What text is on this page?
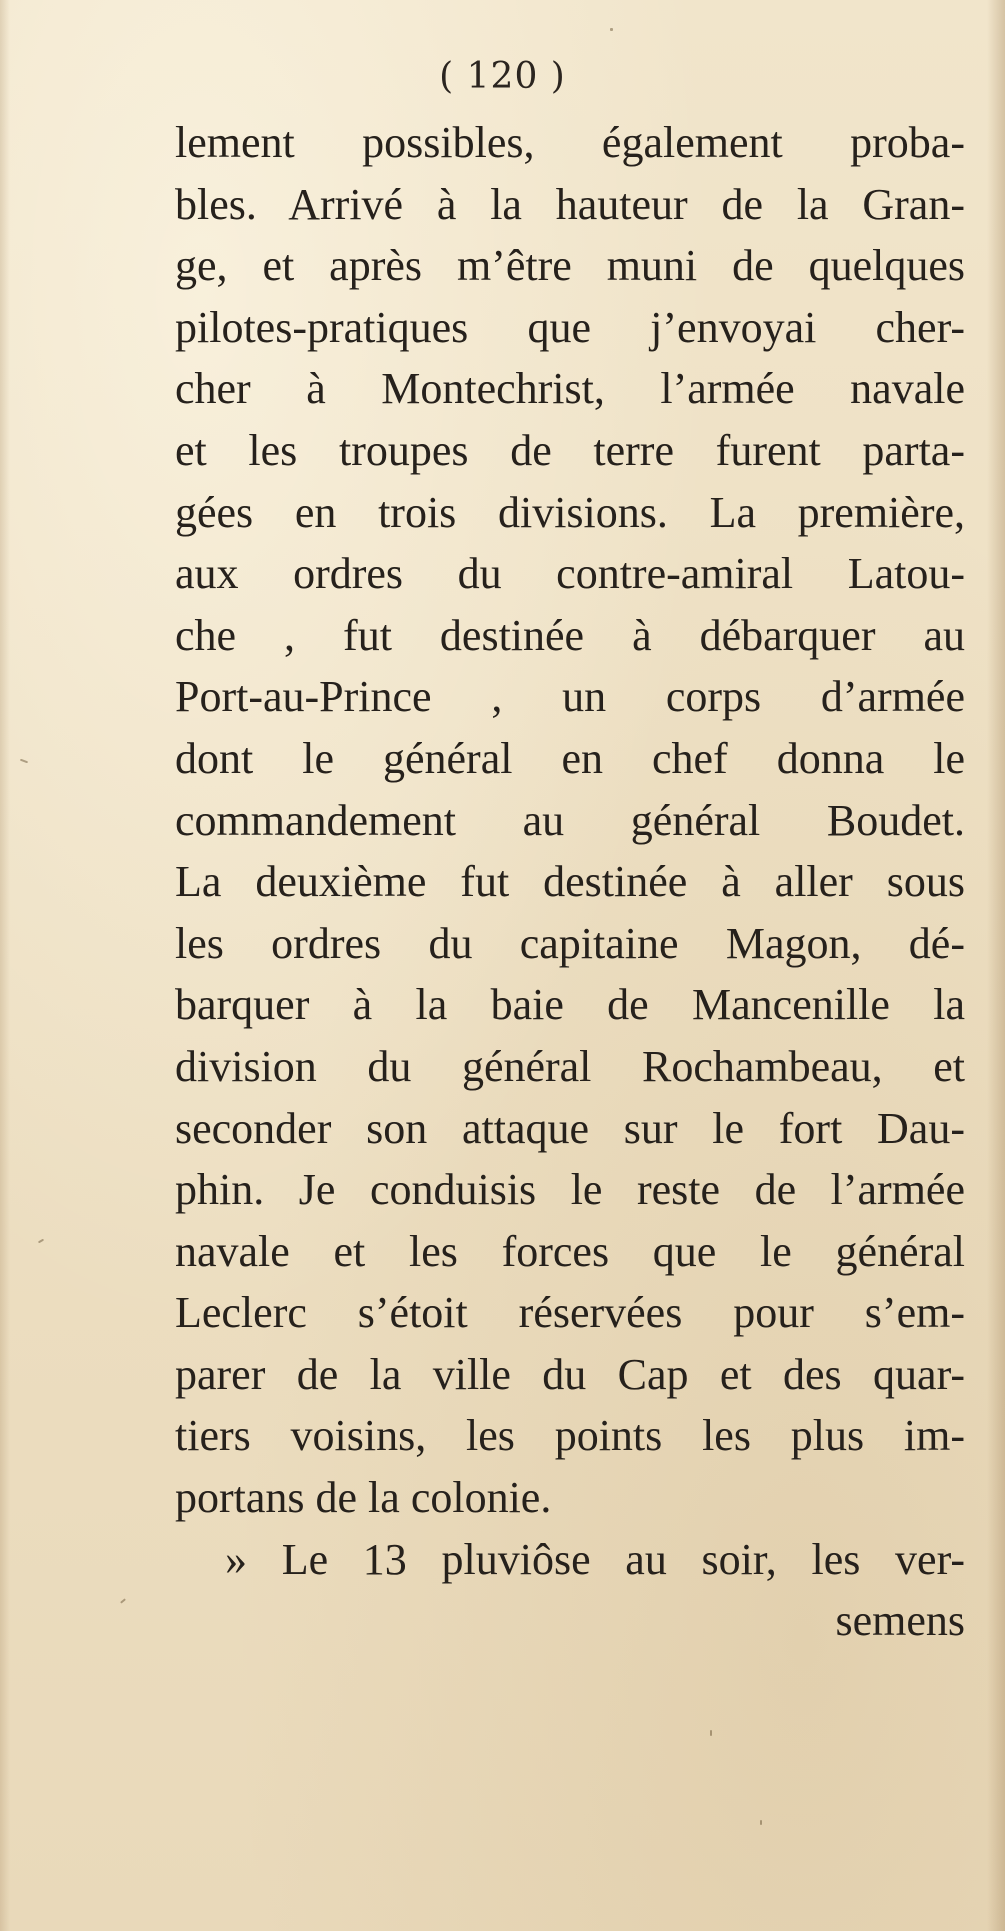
( 120 )
lement possibles, également proba-
bles. Arrivé à la hauteur de la Gran-
ge, et après m’être muni de quelques
pilotes-pratiques que j’envoyai cher-
cher à Montechrist, l’armée navale
et les troupes de terre furent parta-
gées en trois divisions. La première,
aux ordres du contre-amiral Latou-
che , fut destinée à débarquer au
Port-au-Prince , un corps d’armée
dont le général en chef donna le
commandement au général Boudet.
La deuxième fut destinée à aller sous
les ordres du capitaine Magon, dé-
barquer à la baie de Mancenille la
division du général Rochambeau, et
seconder son attaque sur le fort Dau-
phin. Je conduisis le reste de l’armée
navale et les forces que le général
Leclerc s’étoit réservées pour s’em-
parer de la ville du Cap et des quar-
tiers voisins, les points les plus im-
portans de la colonie.
» Le 13 pluviôse au soir, les ver-
semens
